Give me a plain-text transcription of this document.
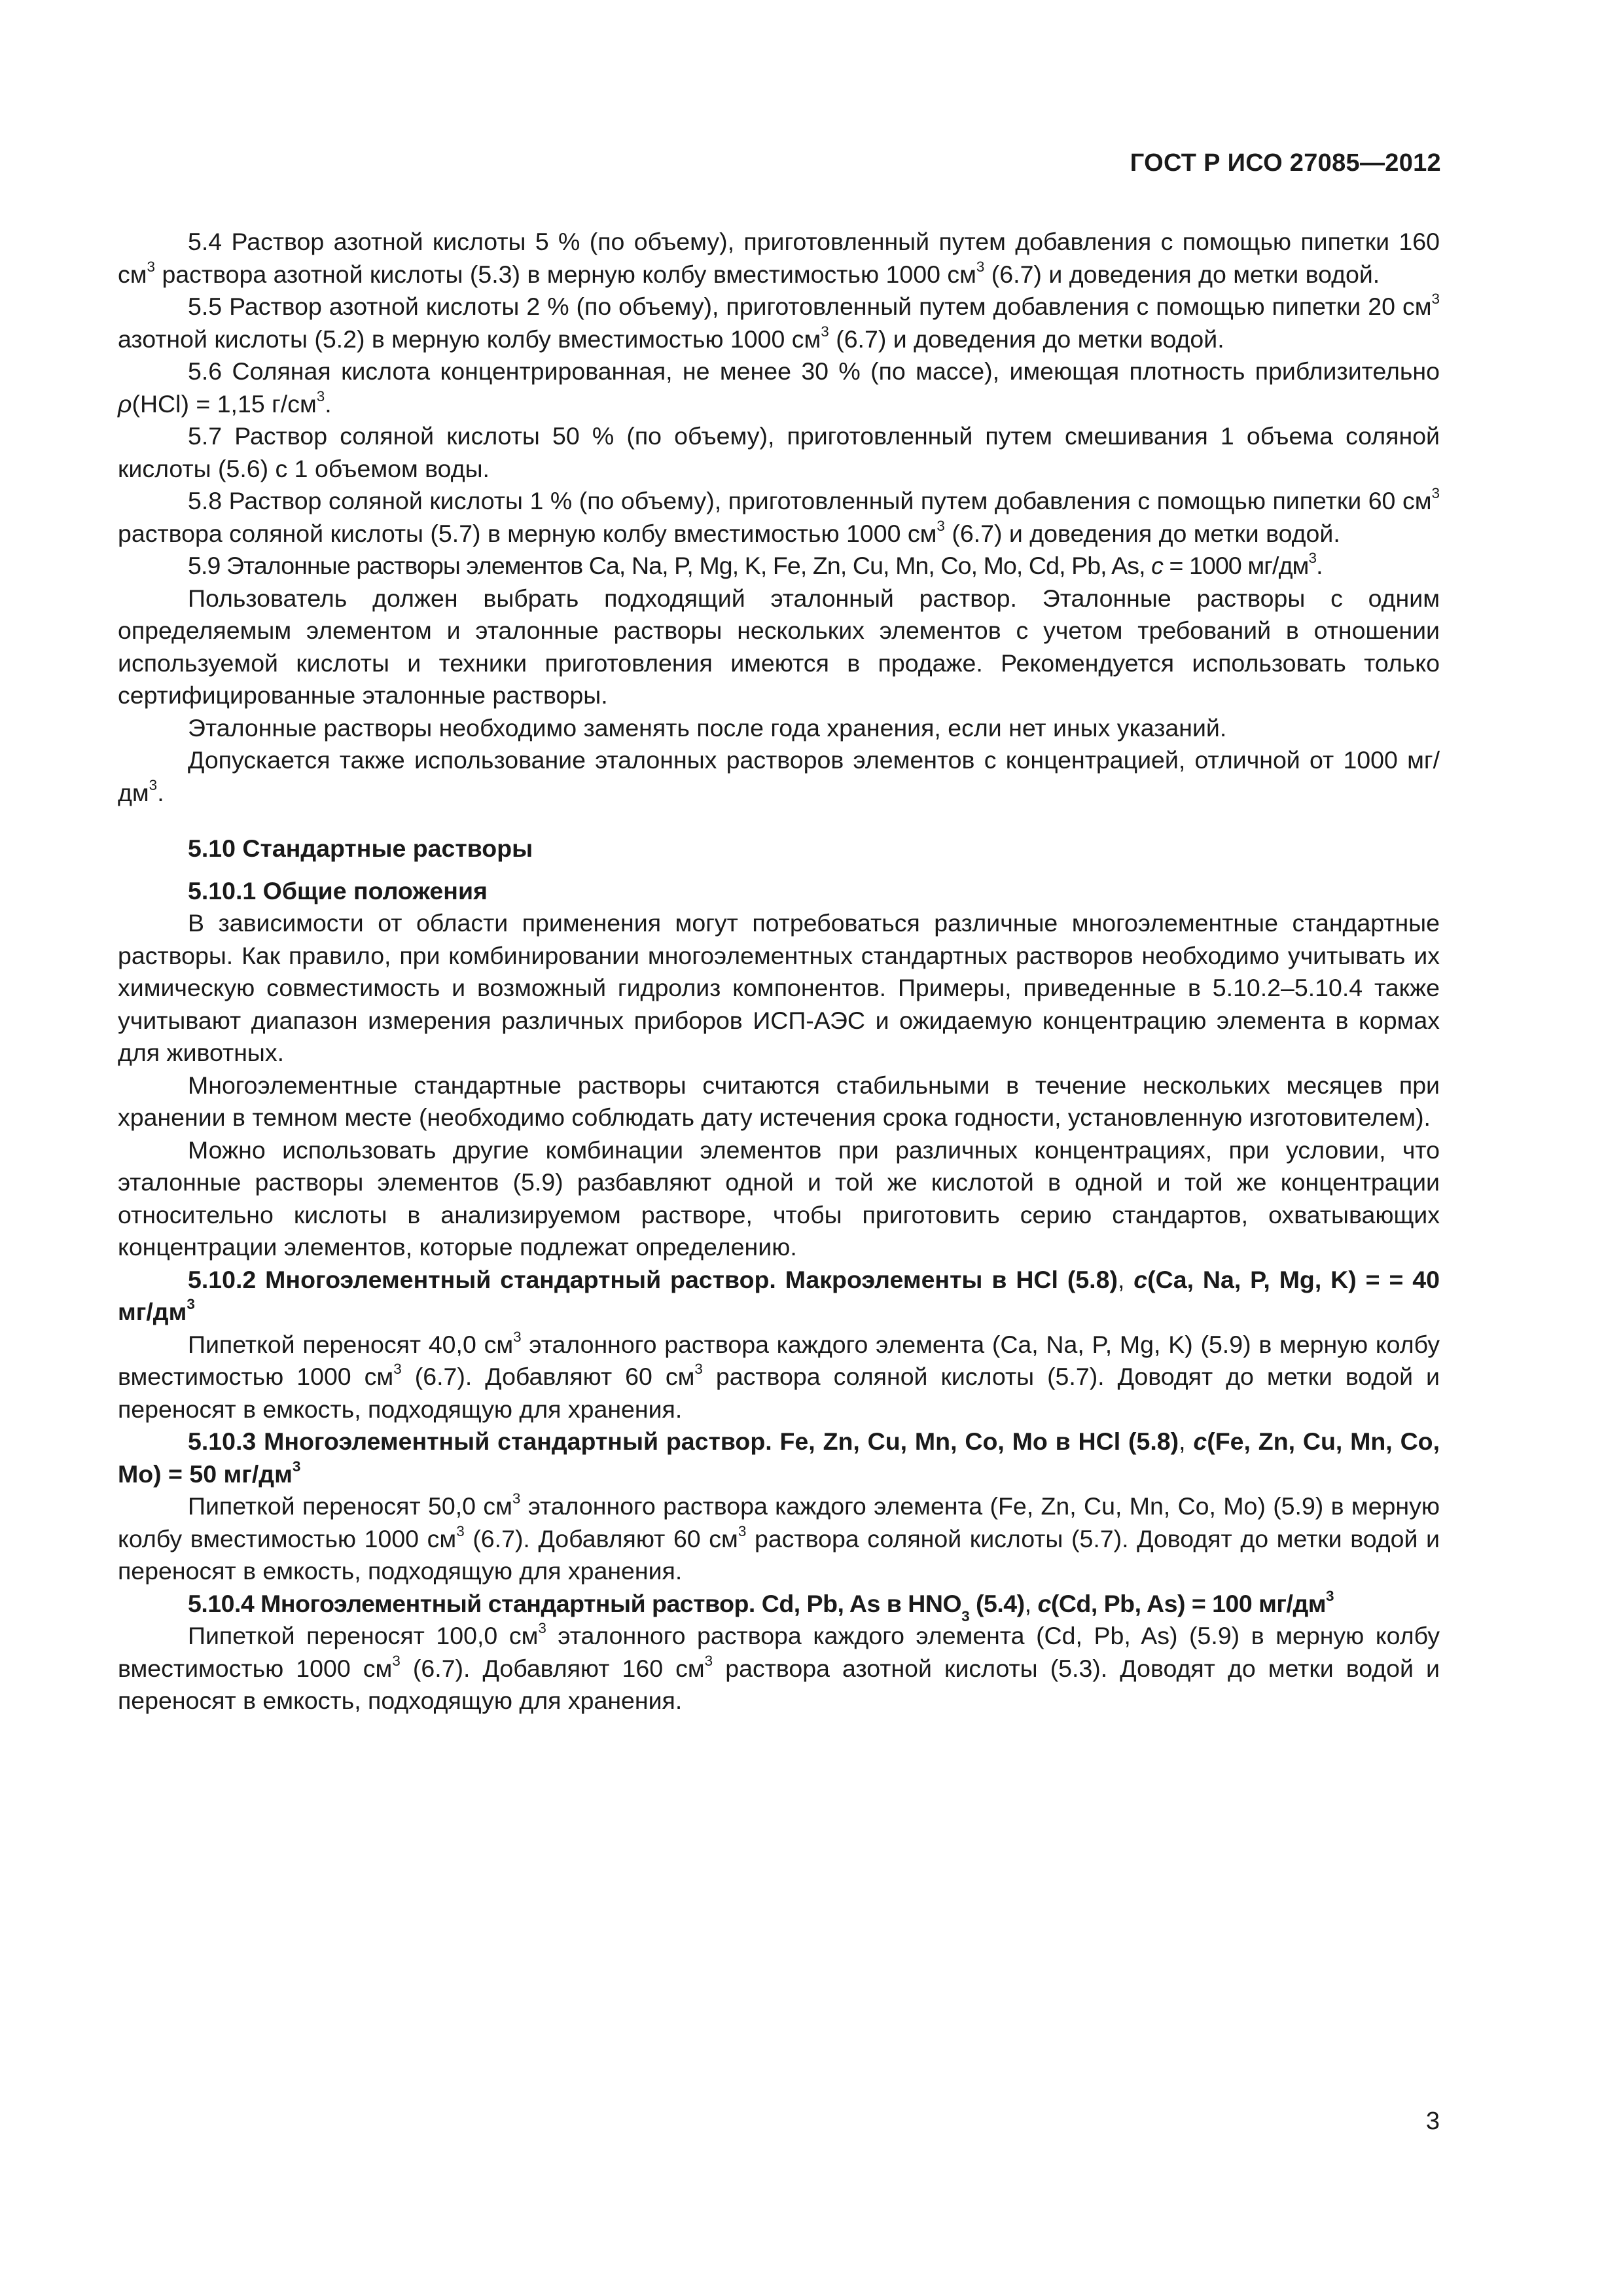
ГОСТ Р ИСО 27085—2012

5.4 Раствор азотной кислоты 5 % (по объему), приготовленный путем добавления с помощью пипетки 160 $см^3$ раствора азотной кислоты (5.3) в мерную колбу вместимостью 1000 $см^3$ (6.7) и доведения до метки водой.

5.5 Раствор азотной кислоты 2 % (по объему), приготовленный путем добавления с помощью пипетки 20 $см^3$ азотной кислоты (5.2) в мерную колбу вместимостью 1000 $см^3$ (6.7) и доведения до метки водой.

5.6 Соляная кислота концентрированная, не менее 30 % (по массе), имеющая плотность приблизительно ρ(HCl) = 1,15 $г/см^3$.

5.7 Раствор соляной кислоты 50 % (по объему), приготовленный путем смешивания 1 объема соляной кислоты (5.6) с 1 объемом воды.

5.8 Раствор соляной кислоты 1 % (по объему), приготовленный путем добавления с помощью пипетки 60 $см^3$ раствора соляной кислоты (5.7) в мерную колбу вместимостью 1000 $см^3$ (6.7) и доведения до метки водой.

5.9 Эталонные растворы элементов Ca, Na, P, Mg, K, Fe, Zn, Cu, Mn, Co, Mo, Cd, Pb, As, c = 1000 $мг/дм^3$.

Пользователь должен выбрать подходящий эталонный раствор. Эталонные растворы с одним определяемым элементом и эталонные растворы нескольких элементов с учетом требований в отношении используемой кислоты и техники приготовления имеются в продаже. Рекомендуется использовать только сертифицированные эталонные растворы.

Эталонные растворы необходимо заменять после года хранения, если нет иных указаний.

Допускается также использование эталонных растворов элементов с концентрацией, отличной от 1000 $мг/дм^3$.

5.10 Стандартные растворы

5.10.1 Общие положения

В зависимости от области применения могут потребоваться различные многоэлементные стандартные растворы. Как правило, при комбинировании многоэлементных стандартных растворов необходимо учитывать их химическую совместимость и возможный гидролиз компонентов. Примеры, приведенные в 5.10.2–5.10.4 также учитывают диапазон измерения различных приборов ИСП-АЭС и ожидаемую концентрацию элемента в кормах для животных.

Многоэлементные стандартные растворы считаются стабильными в течение нескольких месяцев при хранении в темном месте (необходимо соблюдать дату истечения срока годности, установленную изготовителем).

Можно использовать другие комбинации элементов при различных концентрациях, при условии, что эталонные растворы элементов (5.9) разбавляют одной и той же кислотой в одной и той же концентрации относительно кислоты в анализируемом растворе, чтобы приготовить серию стандартов, охватывающих концентрации элементов, которые подлежат определению.

5.10.2 Многоэлементный стандартный раствор. Макроэлементы в HCl (5.8), c(Ca, Na, P, Mg, K) = = 40 $мг/дм^3$

Пипеткой переносят 40,0 $см^3$ эталонного раствора каждого элемента (Ca, Na, P, Mg, K) (5.9) в мерную колбу вместимостью 1000 $см^3$ (6.7). Добавляют 60 $см^3$ раствора соляной кислоты (5.7). Доводят до метки водой и переносят в емкость, подходящую для хранения.

5.10.3 Многоэлементный стандартный раствор. Fe, Zn, Cu, Mn, Co, Mo в HCl (5.8), c(Fe, Zn, Cu, Mn, Co, Mo) = 50 $мг/дм^3$

Пипеткой переносят 50,0 $см^3$ эталонного раствора каждого элемента (Fe, Zn, Cu, Mn, Co, Mo) (5.9) в мерную колбу вместимостью 1000 $см^3$ (6.7). Добавляют 60 $см^3$ раствора соляной кислоты (5.7). Доводят до метки водой и переносят в емкость, подходящую для хранения.

5.10.4 Многоэлементный стандартный раствор. Cd, Pb, As в $HNO_3$ (5.4), c(Cd, Pb, As) = 100 $мг/дм^3$

Пипеткой переносят 100,0 $см^3$ эталонного раствора каждого элемента (Cd, Pb, As) (5.9) в мерную колбу вместимостью 1000 $см^3$ (6.7). Добавляют 160 $см^3$ раствора азотной кислоты (5.3). Доводят до метки водой и переносят в емкость, подходящую для хранения.

3
